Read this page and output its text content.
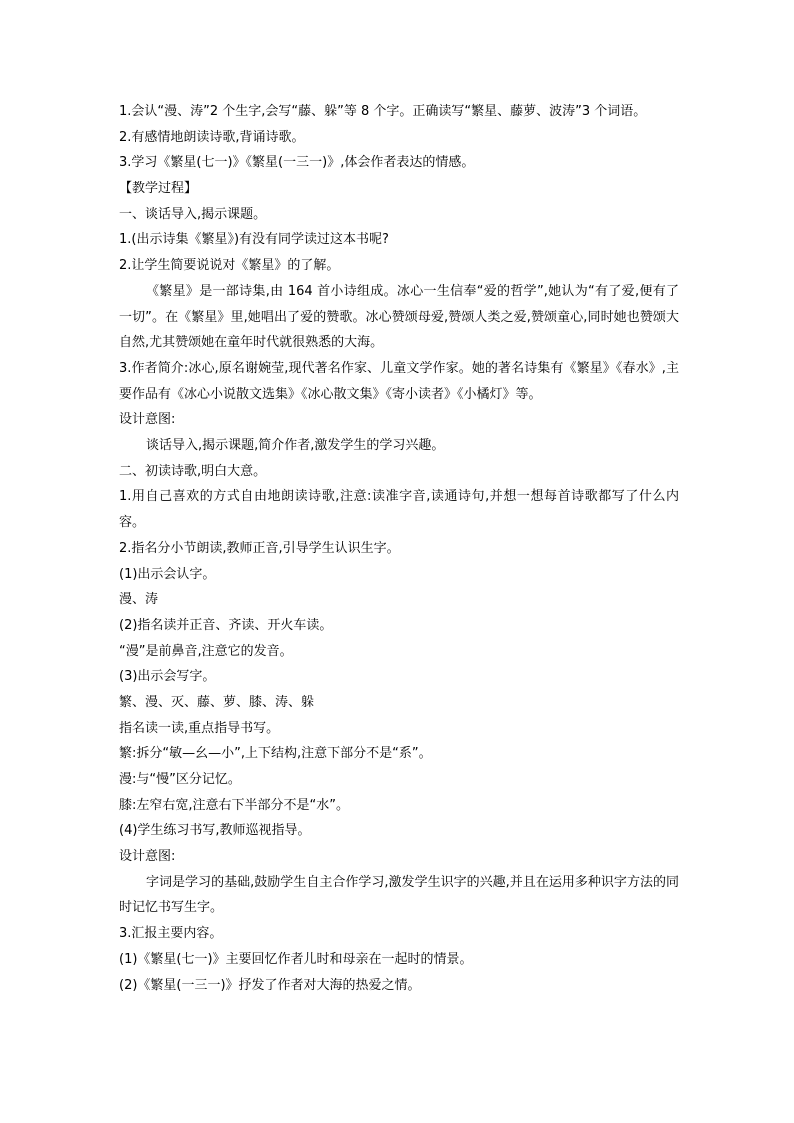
1.会认“漫、涛”2 个生字,会写“藤、躲”等 8 个字。正确读写“繁星、藤萝、波涛”3 个词语。
2.有感情地朗读诗歌,背诵诗歌。
3.学习《繁星(七一)》《繁星(一三一)》,体会作者表达的情感。
【教学过程】
一、谈话导入,揭示课题。
1.(出示诗集《繁星》)有没有同学读过这本书呢?
2.让学生简要说说对《繁星》的了解。
《繁星》是一部诗集,由 164 首小诗组成。冰心一生信奉“爱的哲学”,她认为“有了爱,便有了一切”。在《繁星》里,她唱出了爱的赞歌。冰心赞颂母爱,赞颂人类之爱,赞颂童心,同时她也赞颂大自然,尤其赞颂她在童年时代就很熟悉的大海。
3.作者简介:冰心,原名谢婉莹,现代著名作家、儿童文学作家。她的著名诗集有《繁星》《春水》,主要作品有《冰心小说散文选集》《冰心散文集》《寄小读者》《小橘灯》等。
设计意图:
谈话导入,揭示课题,简介作者,激发学生的学习兴趣。
二、初读诗歌,明白大意。
1.用自己喜欢的方式自由地朗读诗歌,注意:读准字音,读通诗句,并想一想每首诗歌都写了什么内容。
2.指名分小节朗读,教师正音,引导学生认识生字。
(1)出示会认字。
漫、涛
(2)指名读并正音、齐读、开火车读。
“漫”是前鼻音,注意它的发音。
(3)出示会写字。
繁、漫、灭、藤、萝、膝、涛、躲
指名读一读,重点指导书写。
繁:拆分“敏—幺—小”,上下结构,注意下部分不是“系”。
漫:与“慢”区分记忆。
膝:左窄右宽,注意右下半部分不是“水”。
(4)学生练习书写,教师巡视指导。
设计意图:
字词是学习的基础,鼓励学生自主合作学习,激发学生识字的兴趣,并且在运用多种识字方法的同时记忆书写生字。
3.汇报主要内容。
(1)《繁星(七一)》主要回忆作者儿时和母亲在一起时的情景。
(2)《繁星(一三一)》抒发了作者对大海的热爱之情。
